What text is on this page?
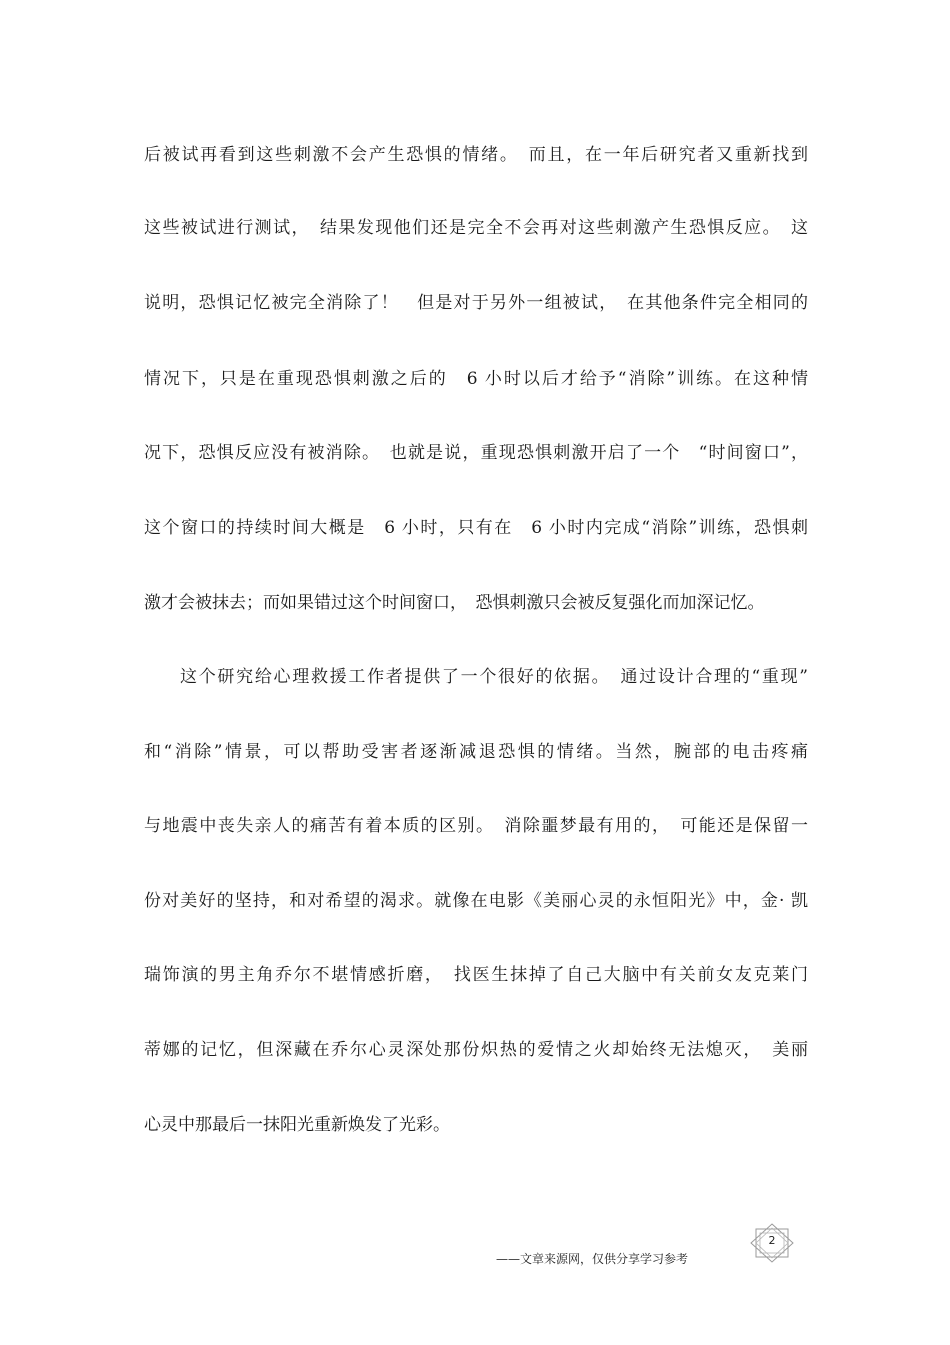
后被试再看到这些刺激不会产生恐惧的情绪。　而且，在一年后研究者又重新找到
这些被试进行测试，　结果发现他们还是完全不会再对这些刺激产生恐惧反应。　这
说明，恐惧记忆被完全消除了！　但是对于另外一组被试，　在其他条件完全相同的
情况下，只是在重现恐惧刺激之后的　6 小时以后才给予“消除”训练。在这种情
况下，恐惧反应没有被消除。　也就是说，重现恐惧刺激开启了一个　“时间窗口”，
这个窗口的持续时间大概是　6 小时，只有在　6 小时内完成“消除”训练，恐惧刺
激才会被抹去；而如果错过这个时间窗口，　恐惧刺激只会被反复强化而加深记忆。
这个研究给心理救援工作者提供了一个很好的依据。　通过设计合理的“重现”
和“消除”情景，可以帮助受害者逐渐减退恐惧的情绪。当然，腕部的电击疼痛
与地震中丧失亲人的痛苦有着本质的区别。　消除噩梦最有用的，　可能还是保留一
份对美好的坚持，和对希望的渴求。就像在电影《美丽心灵的永恒阳光》中，金· 凯
瑞饰演的男主角乔尔不堪情感折磨，　找医生抹掉了自己大脑中有关前女友克莱门
蒂娜的记忆，但深藏在乔尔心灵深处那份炽热的爱情之火却始终无法熄灭，　美丽
心灵中那最后一抹阳光重新焕发了光彩。
——文章来源网，仅供分享学习参考
2
